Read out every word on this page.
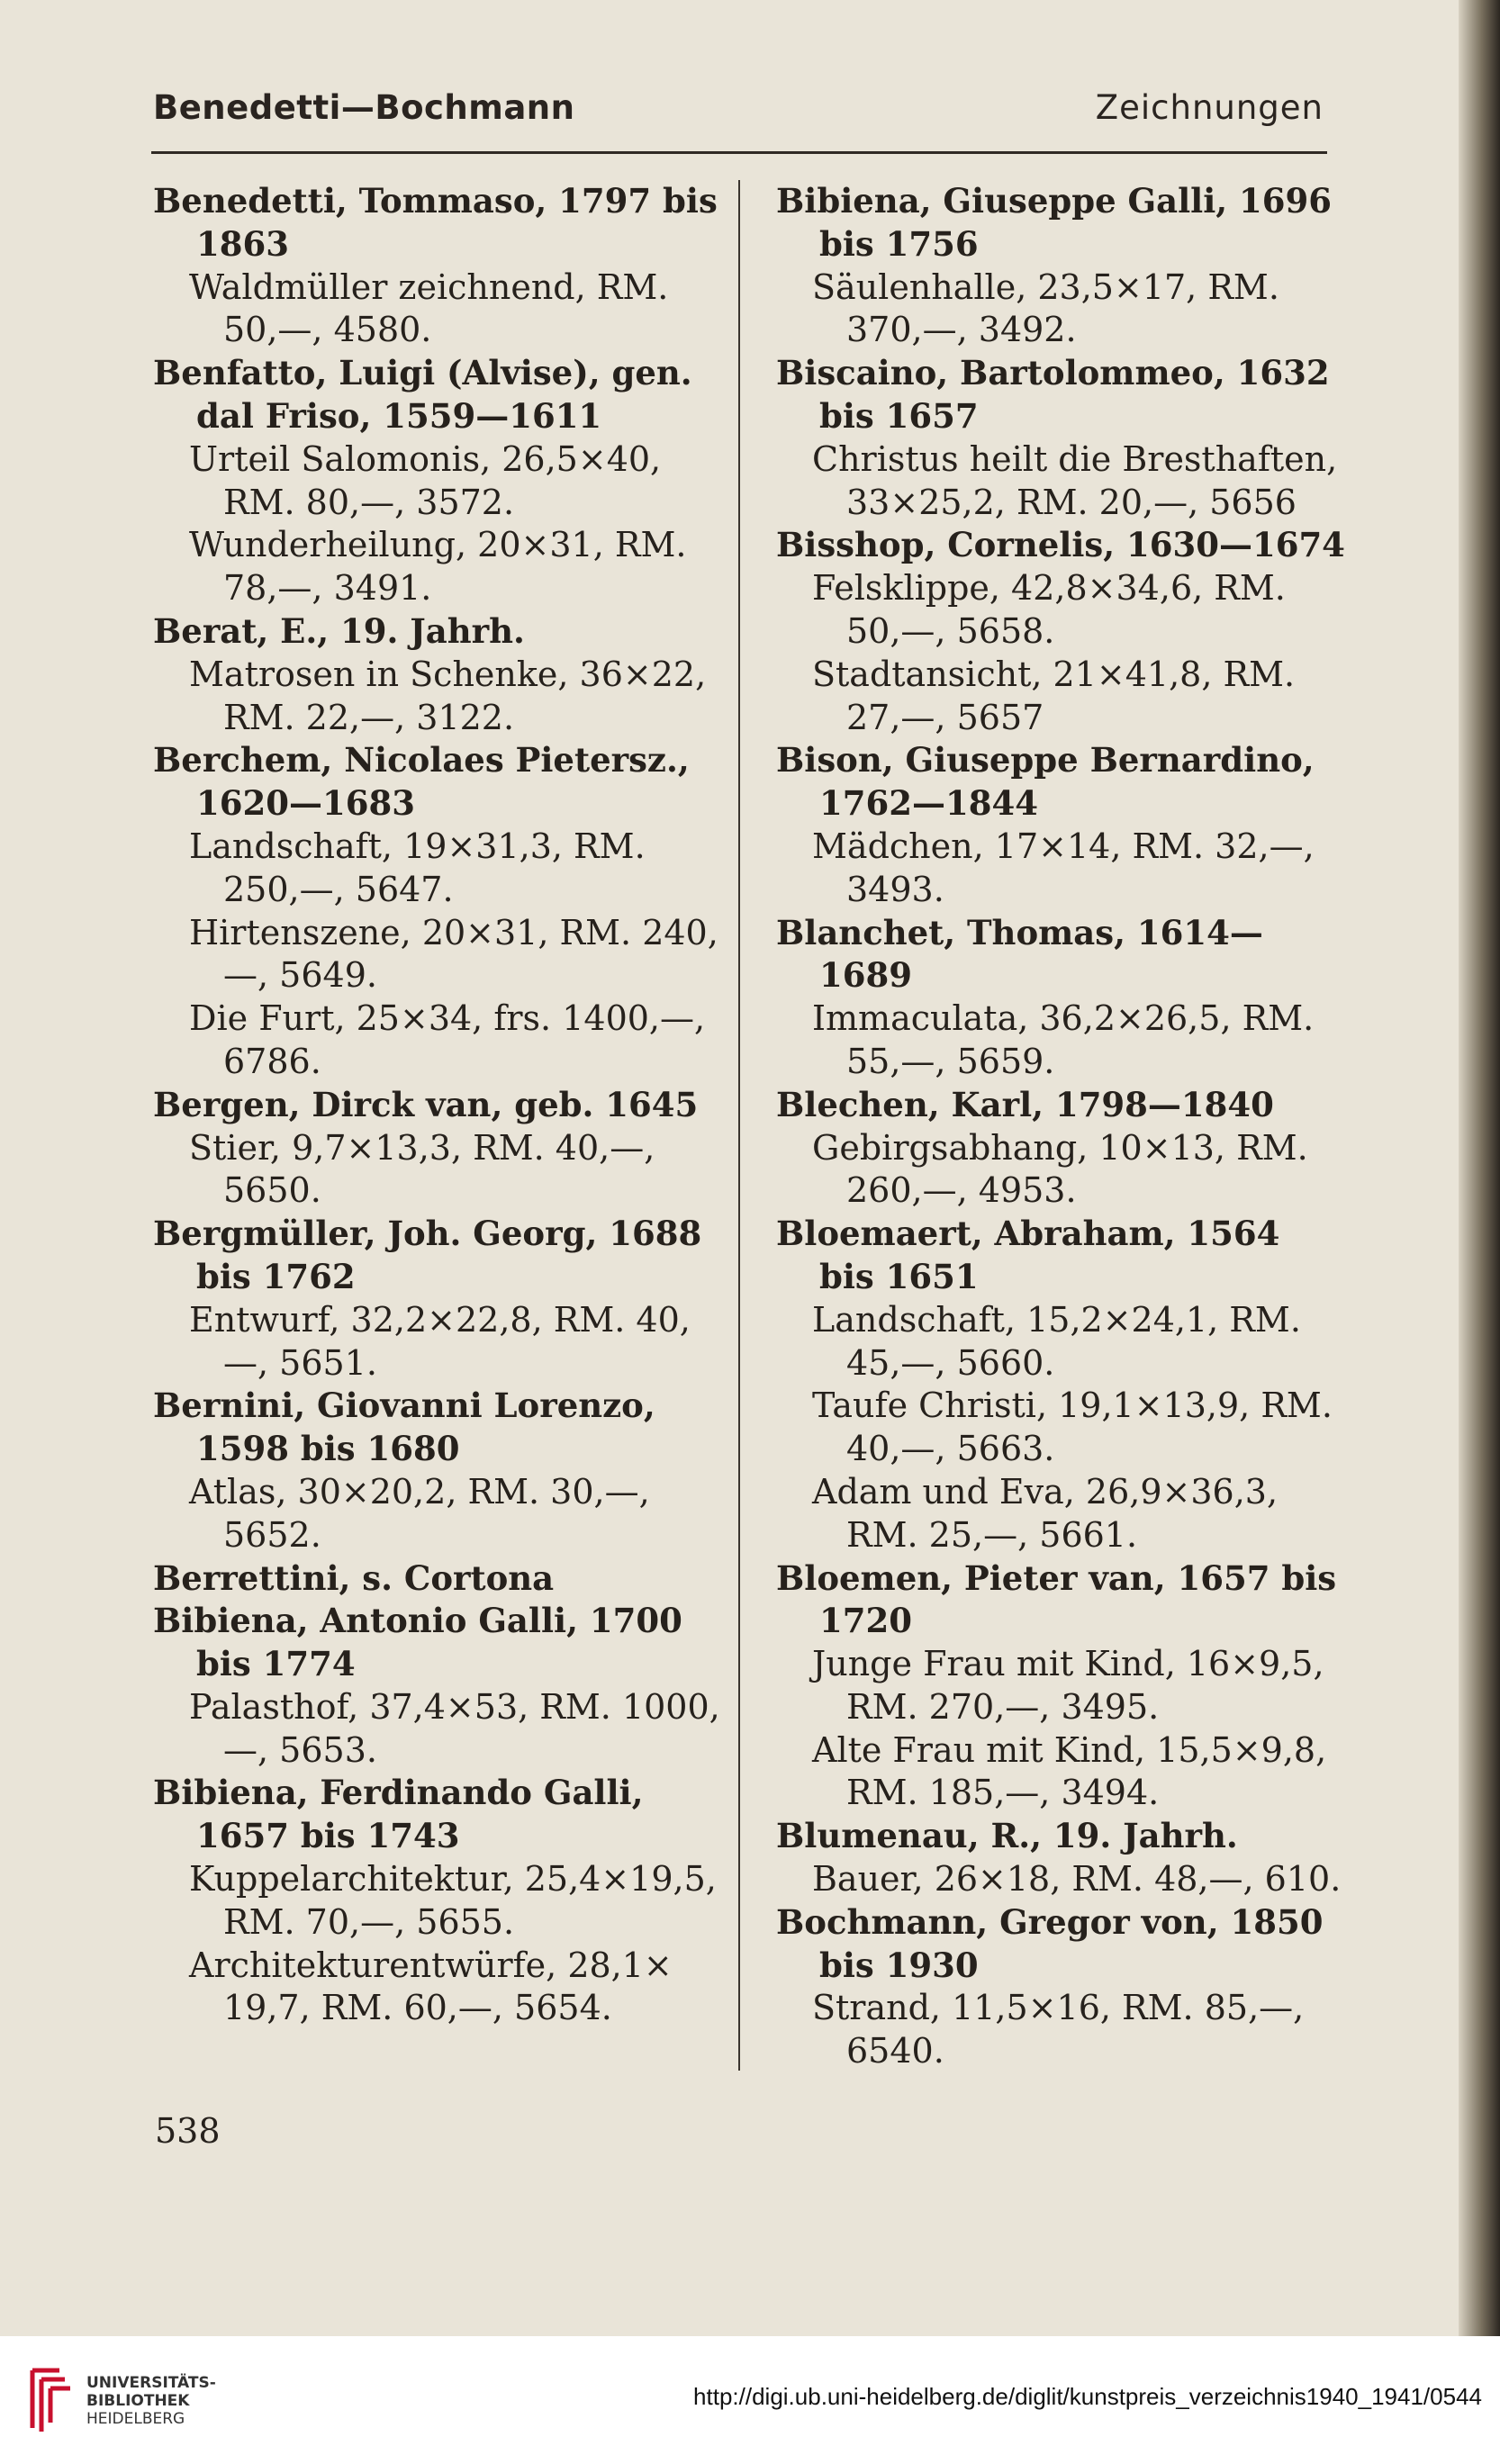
Benedetti—Bochmann	Zeichnungen

Benedetti, Tommaso, 1797 bis 1863

Waldmüller zeichnend, RM. 50,—, 4580.

Benfatto, Luigi (Alvise), gen. dal Friso, 1559—1611

Urteil Salomonis, 26,5×40, RM. 80,—, 3572.

Wunderheilung, 20×31, RM. 78,—, 3491.

Berat, E., 19. Jahrh.

Matrosen in Schenke, 36×22, RM. 22,—, 3122.

Berchem, Nicolaes Pietersz., 1620—1683

Landschaft, 19×31,3, RM. 250,—, 5647.

Hirtenszene, 20×31, RM. 240,—, 5649.

Die Furt, 25×34, frs. 1400,—, 6786.

Bergen, Dirck van, geb. 1645

Stier, 9,7×13,3, RM. 40,—, 5650.

Bergmüller, Joh. Georg, 1688 bis 1762

Entwurf, 32,2×22,8, RM. 40,—, 5651.

Bernini, Giovanni Lorenzo, 1598 bis 1680

Atlas, 30×20,2, RM. 30,—, 5652.

Berrettini, s. Cortona

Bibiena, Antonio Galli, 1700 bis 1774

Palasthof, 37,4×53, RM. 1000,—, 5653.

Bibiena, Ferdinando Galli, 1657 bis 1743

Kuppelarchitektur, 25,4×19,5, RM. 70,—, 5655.

Architekturentwürfe, 28,1× 19,7, RM. 60,—, 5654.

Bibiena, Giuseppe Galli, 1696 bis 1756

Säulenhalle, 23,5×17, RM. 370,—, 3492.

Biscaino, Bartolommeo, 1632 bis 1657

Christus heilt die Bresthaften, 33×25,2, RM. 20,—, 5656

Bisshop, Cornelis, 1630—1674

Felsklippe, 42,8×34,6, RM. 50,—, 5658.

Stadtansicht, 21×41,8, RM. 27,—, 5657

Bison, Giuseppe Bernardino, 1762—1844

Mädchen, 17×14, RM. 32,—, 3493.

Blanchet, Thomas, 1614—1689

Immaculata, 36,2×26,5, RM. 55,—, 5659.

Blechen, Karl, 1798—1840

Gebirgsabhang, 10×13, RM. 260,—, 4953.

Bloemaert, Abraham, 1564 bis 1651

Landschaft, 15,2×24,1, RM. 45,—, 5660.

Taufe Christi, 19,1×13,9, RM. 40,—, 5663.

Adam und Eva, 26,9×36,3, RM. 25,—, 5661.

Bloemen, Pieter van, 1657 bis 1720

Junge Frau mit Kind, 16×9,5, RM. 270,—, 3495.

Alte Frau mit Kind, 15,5×9,8, RM. 185,—, 3494.

Blumenau, R., 19. Jahrh.

Bauer, 26×18, RM. 48,—, 610.

Bochmann, Gregor von, 1850 bis 1930

Strand, 11,5×16, RM. 85,—, 6540.

538
UNIVERSITÄTS-
BIBLIOTHEK
HEIDELBERG
http://digi.ub.uni-heidelberg.de/diglit/kunstpreis_verzeichnis1940_1941/0544
